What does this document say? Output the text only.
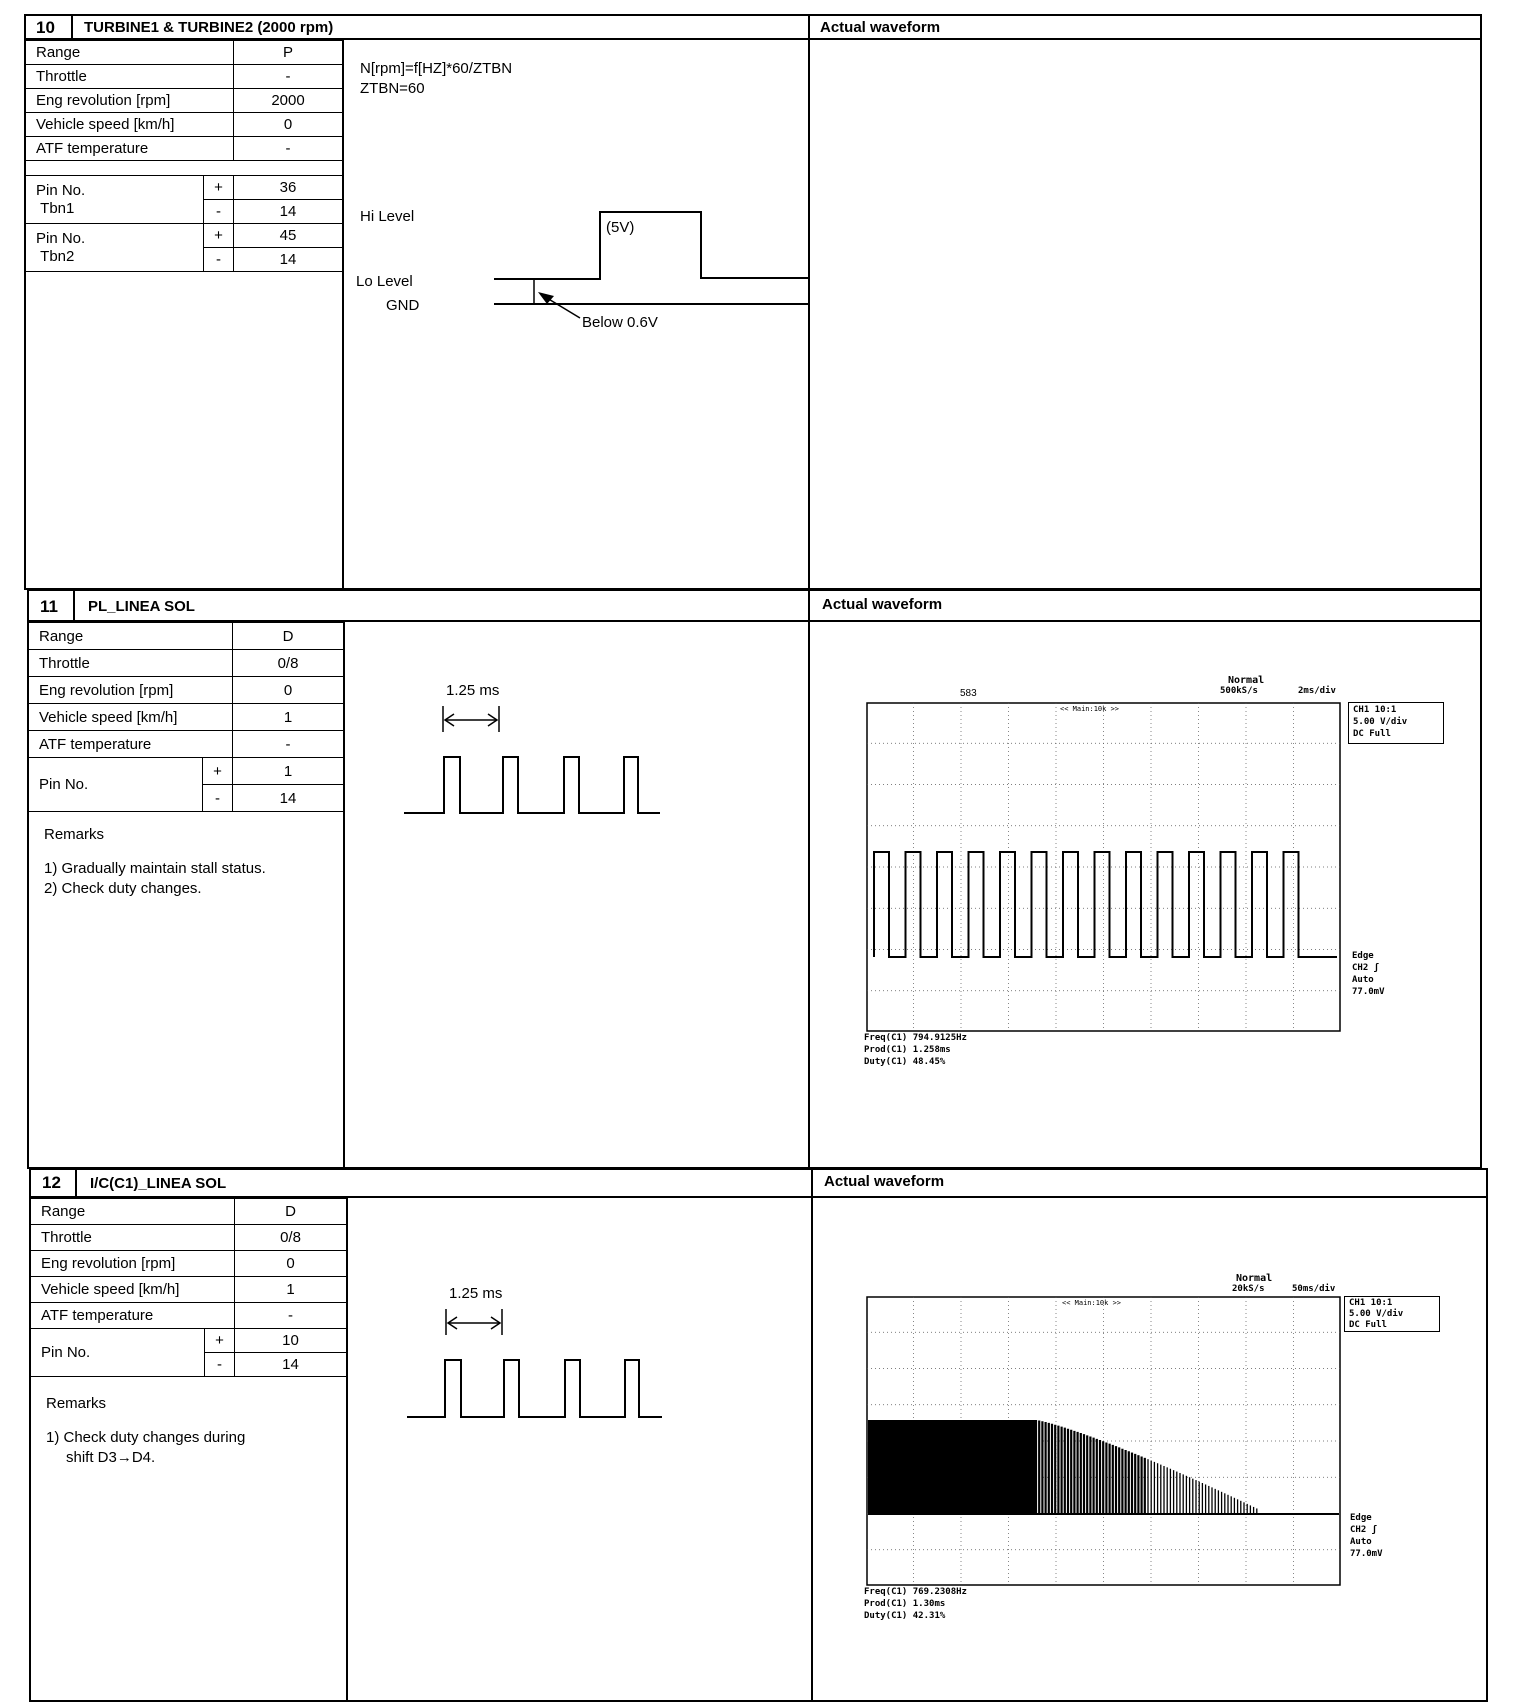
10 TURBINE1 & TURBINE2 (2000 rpm)	Actual waveform
Range	P
Throttle	-
Eng revolution [rpm]	2000
Vehicle speed [km/h]	0
ATF temperature	-
Pin No.
Tbn1	+	36
	-	14
Pin No.
Tbn2	+	45
	-	14
N[rpm]=f[HZ]*60/ZTBN
ZTBN=60
Hi Level
(5V)
Lo Level
GND
Below 0.6V
11 PL_LINEA SOL	Actual waveform
Range	D
Throttle	0/8
Eng revolution [rpm]	0
Vehicle speed [km/h]	1
ATF temperature	-
Pin No.	+	1
	-	14
Remarks
1) Gradually maintain stall status.
2) Check duty changes.
1.25 ms	583
Normal
500kS/s	2ms/div
<< Main:10k >>	CH1 10:1
5.00 V/div
DC Full
Edge CH2 ʃ
Auto
77.0mV
Freq(C1) 794.9125Hz
Prod(C1) 1.258ms
Duty(C1) 48.45%
12 I/C(C1)_LINEA SOL	Actual waveform
Range	D
Throttle	0/8
Eng revolution [rpm]	0
Vehicle speed [km/h]	1
ATF temperature	-
Pin No.	+	10
	-	14
Remarks
1) Check duty changes during
shift D3→D4.
1.25 ms
Normal
20kS/s	50ms/div
<< Main:10k >>	CH1 10:1
5.00 V/div
DC Full
Edge CH2 ʃ
Auto
77.0mV
Freq(C1) 769.2308Hz
Prod(C1) 1.30ms
Duty(C1) 42.31%
